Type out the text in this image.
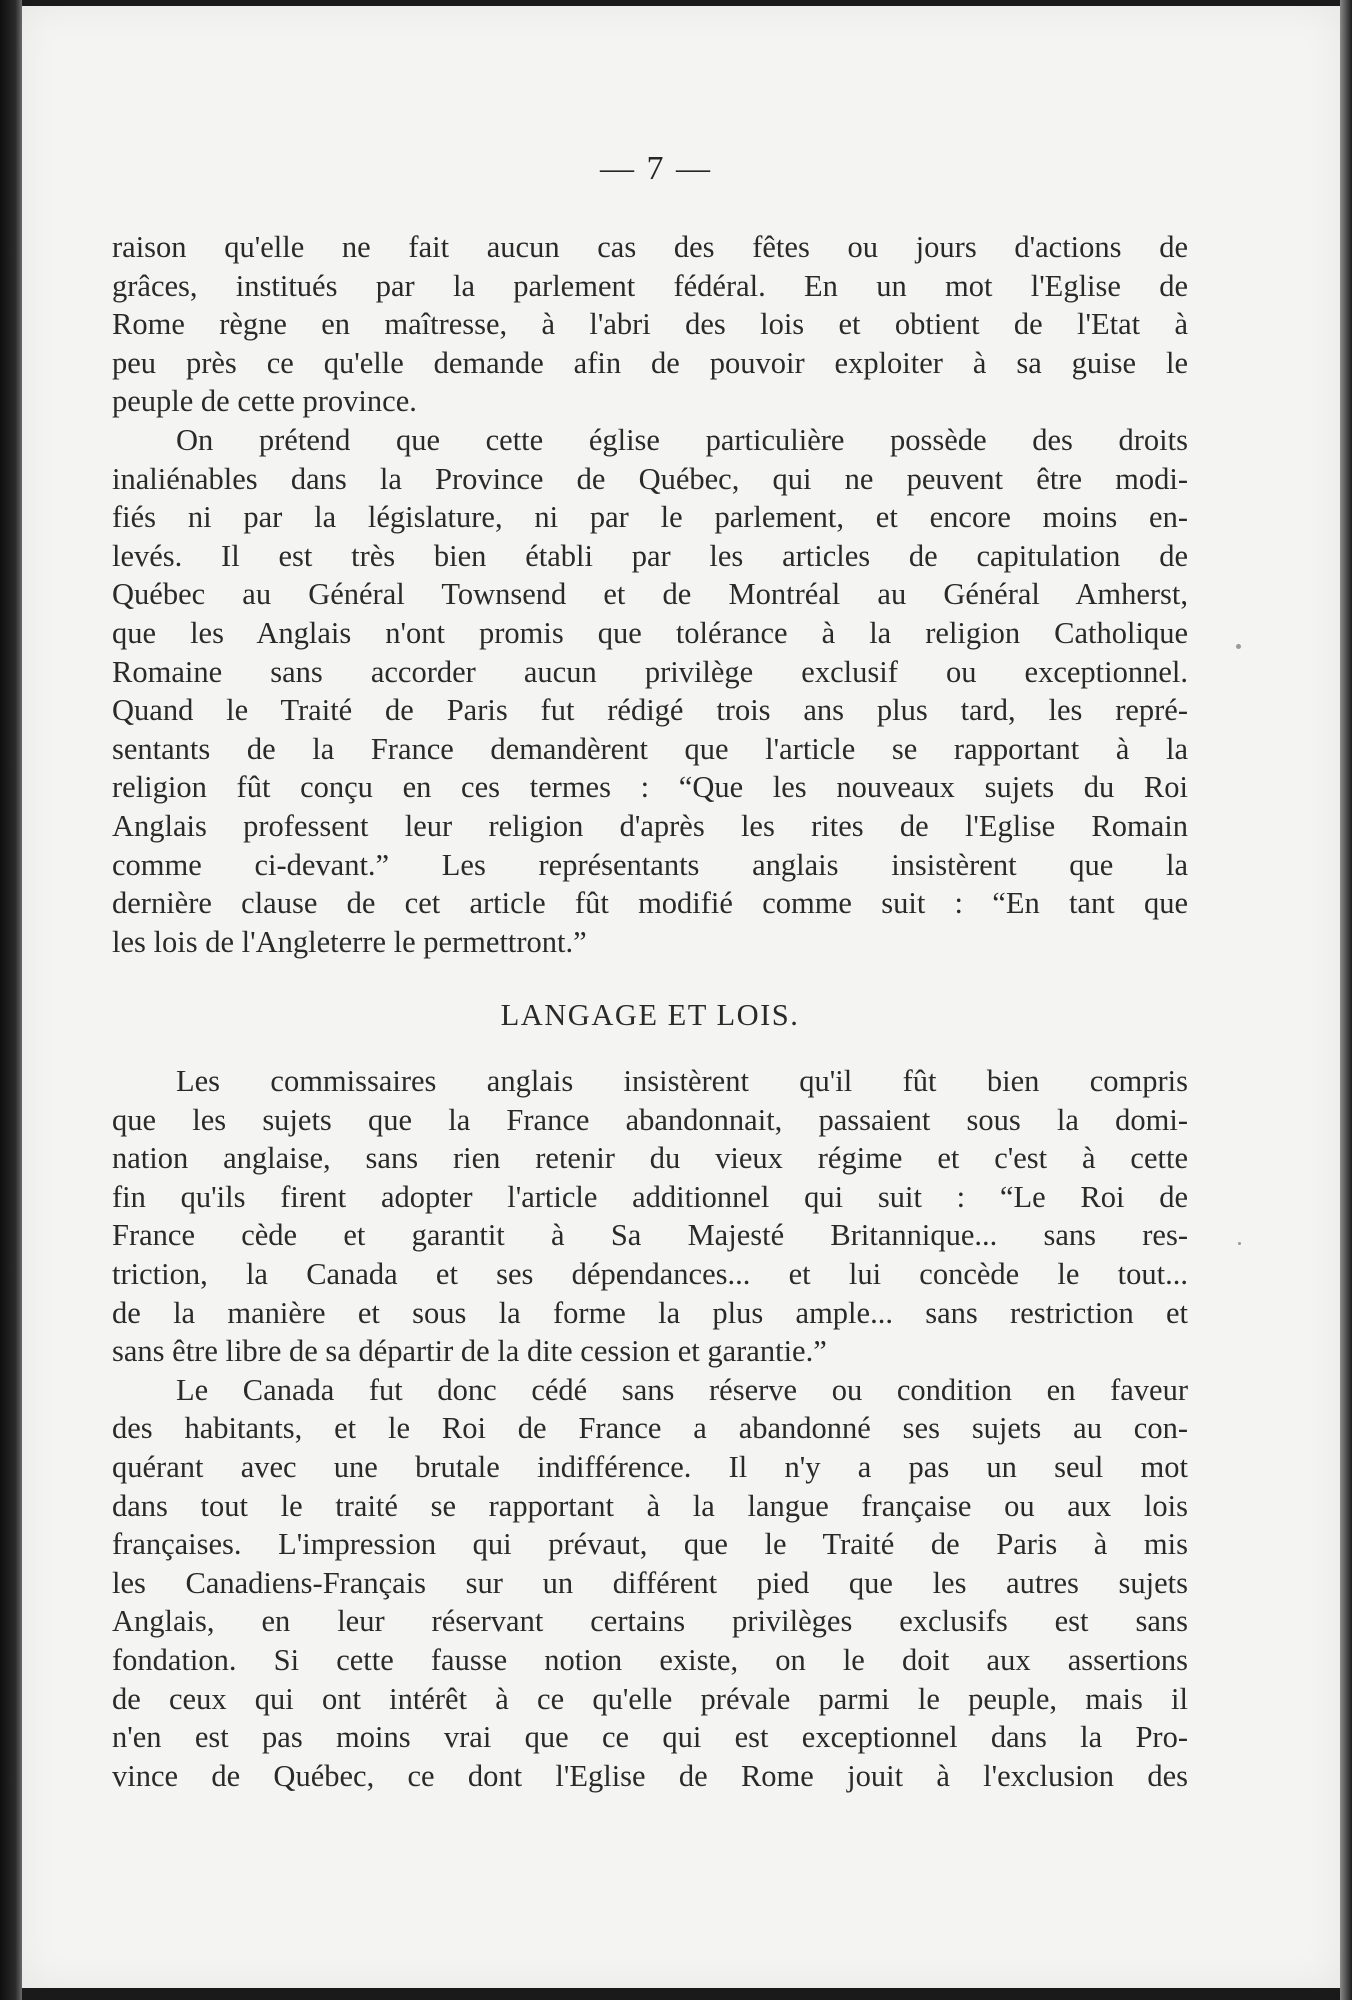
— 7 —
raison qu'elle ne fait aucun cas des fêtes ou jours d'actions de
grâces, institués par la parlement fédéral. En un mot l'Eglise de
Rome règne en maîtresse, à l'abri des lois et obtient de l'Etat à
peu près ce qu'elle demande afin de pouvoir exploiter à sa guise le
peuple de cette province.
On prétend que cette église particulière possède des droits
inaliénables dans la Province de Québec, qui ne peuvent être modi-
fiés ni par la législature, ni par le parlement, et encore moins en-
levés. Il est très bien établi par les articles de capitulation de
Québec au Général Townsend et de Montréal au Général Amherst,
que les Anglais n'ont promis que tolérance à la religion Catholique
Romaine sans accorder aucun privilège exclusif ou exceptionnel.
Quand le Traité de Paris fut rédigé trois ans plus tard, les repré-
sentants de la France demandèrent que l'article se rapportant à la
religion fût conçu en ces termes : “Que les nouveaux sujets du Roi
Anglais professent leur religion d'après les rites de l'Eglise Romain
comme ci-devant.” Les représentants anglais insistèrent que la
dernière clause de cet article fût modifié comme suit : “En tant que
les lois de l'Angleterre le permettront.”
LANGAGE ET LOIS.
Les commissaires anglais insistèrent qu'il fût bien compris
que les sujets que la France abandonnait, passaient sous la domi-
nation anglaise, sans rien retenir du vieux régime et c'est à cette
fin qu'ils firent adopter l'article additionnel qui suit : “Le Roi de
France cède et garantit à Sa Majesté Britannique... sans res-
triction, la Canada et ses dépendances... et lui concède le tout...
de la manière et sous la forme la plus ample... sans restriction et
sans être libre de sa départir de la dite cession et garantie.”
Le Canada fut donc cédé sans réserve ou condition en faveur
des habitants, et le Roi de France a abandonné ses sujets au con-
quérant avec une brutale indifférence. Il n'y a pas un seul mot
dans tout le traité se rapportant à la langue française ou aux lois
françaises. L'impression qui prévaut, que le Traité de Paris à mis
les Canadiens-Français sur un différent pied que les autres sujets
Anglais, en leur réservant certains privilèges exclusifs est sans
fondation. Si cette fausse notion existe, on le doit aux assertions
de ceux qui ont intérêt à ce qu'elle prévale parmi le peuple, mais il
n'en est pas moins vrai que ce qui est exceptionnel dans la Pro-
vince de Québec, ce dont l'Eglise de Rome jouit à l'exclusion des
